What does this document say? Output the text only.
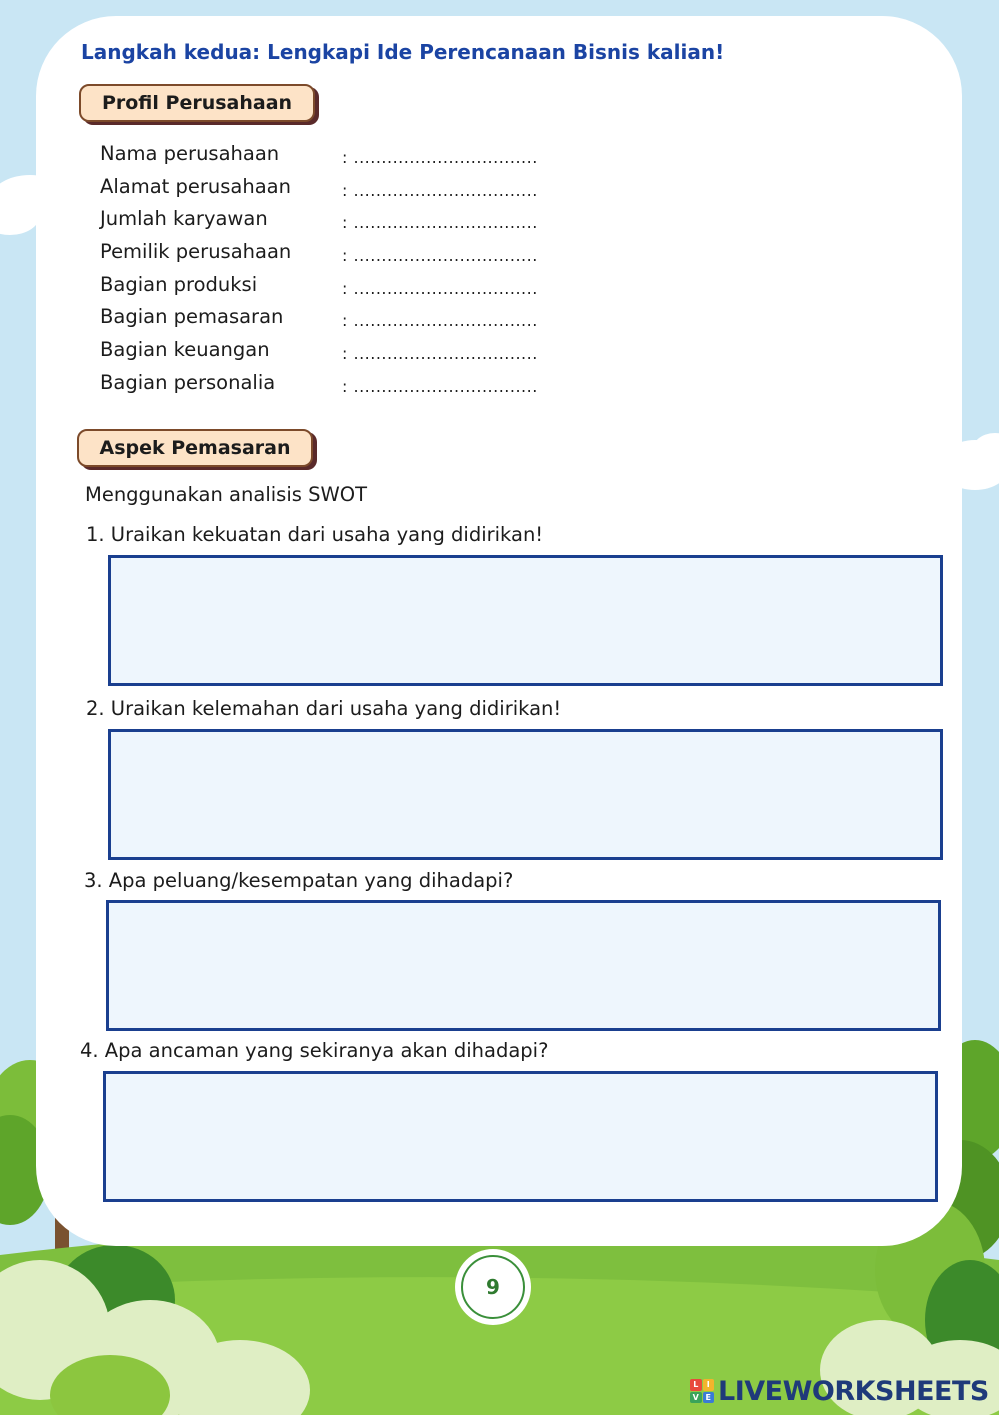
Langkah kedua: Lengkapi Ide Perencanaan Bisnis kalian!
Profil Perusahaan
Nama perusahaan	: .................................
Alamat perusahaan	: .................................
Jumlah karyawan	: .................................
Pemilik perusahaan	: .................................
Bagian produksi	: .................................
Bagian pemasaran	: .................................
Bagian keuangan	: .................................
Bagian personalia	: .................................
Aspek Pemasaran
Menggunakan analisis SWOT
1. Uraikan kekuatan dari usaha yang didirikan!
2. Uraikan kelemahan dari usaha yang didirikan!
3. Apa peluang/kesempatan yang dihadapi?
4. Apa ancaman yang sekiranya akan dihadapi?
9
L	I
V E LIVEWORKSHEETS
